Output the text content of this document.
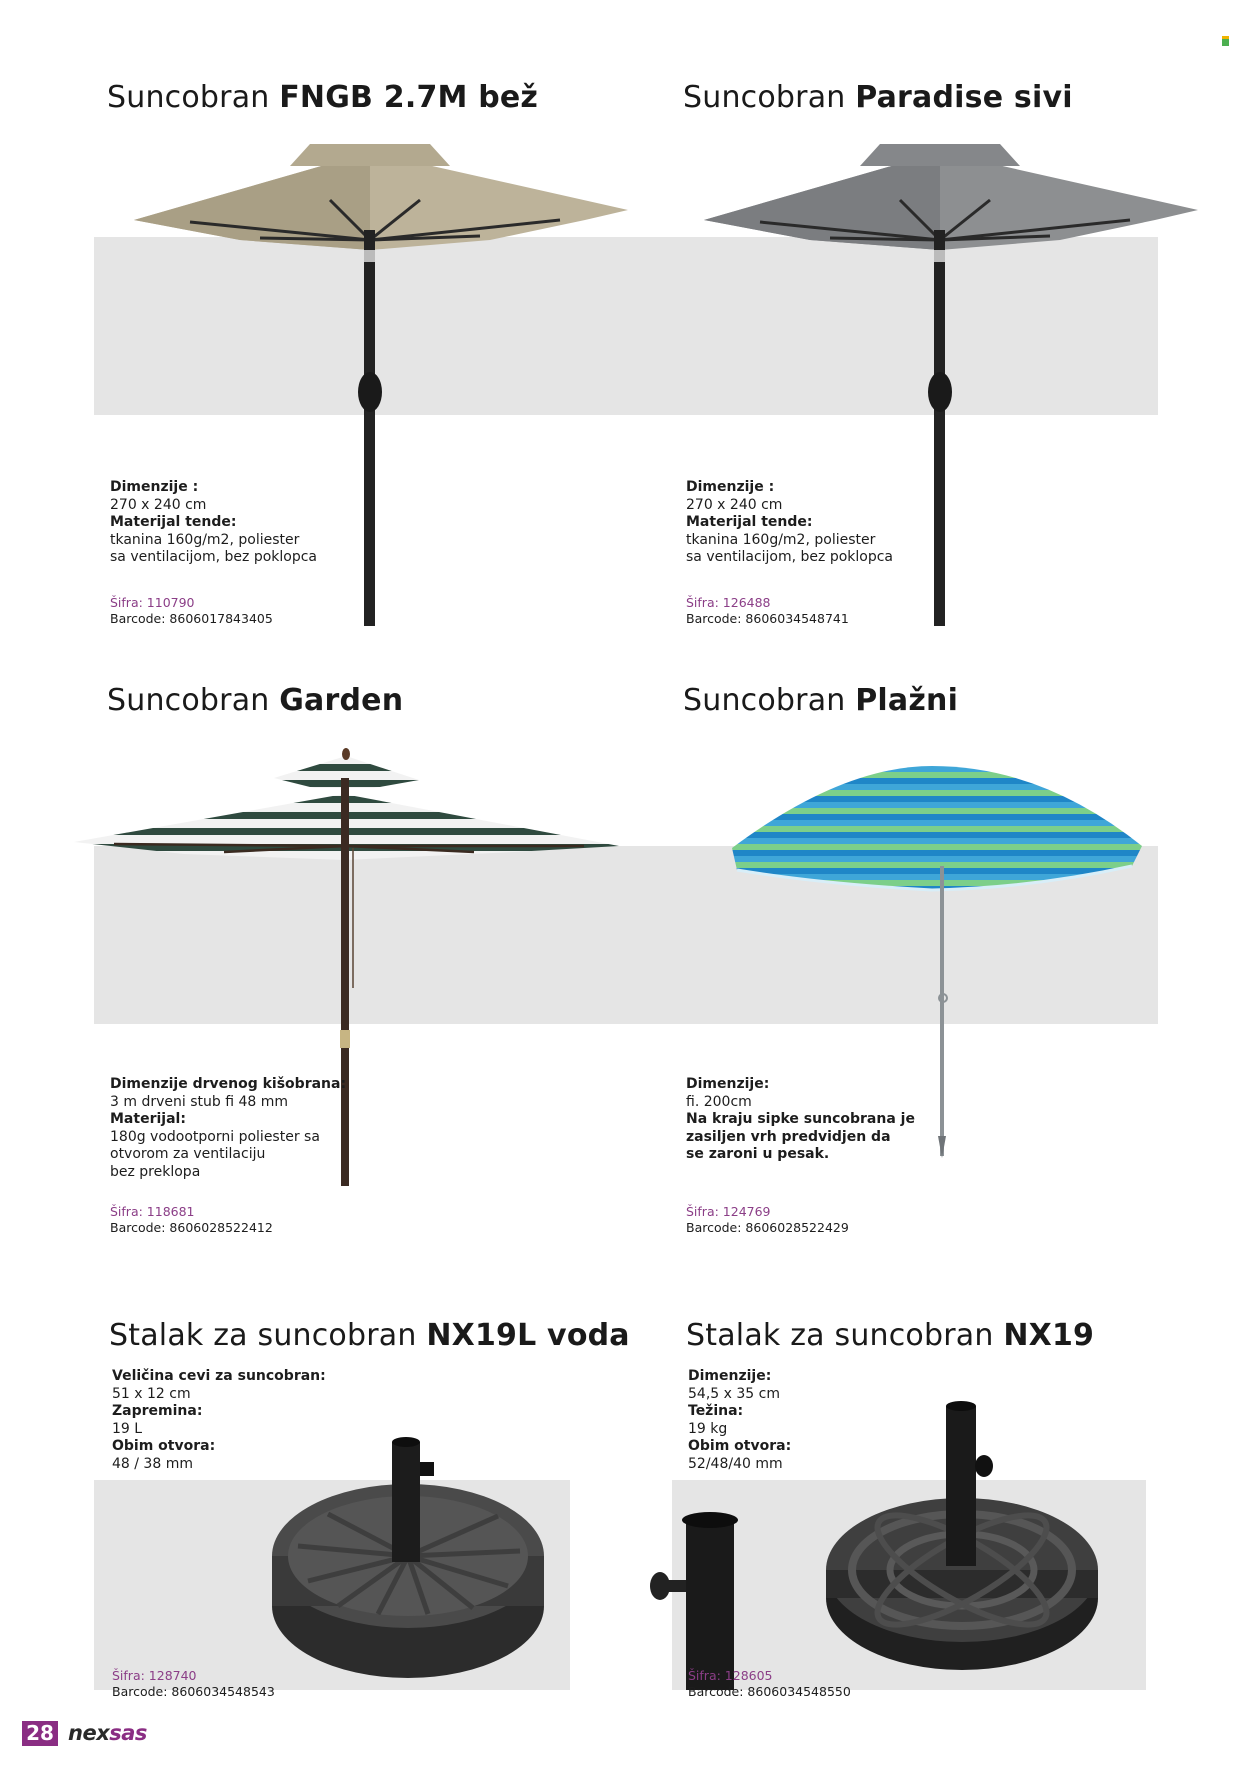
Suncobran FNGB 2.7M bež
Dimenzije :
270 x 240 cm
Materijal tende:
tkanina 160g/m2, poliester
sa ventilacijom, bez poklopca
Šifra: 110790
Barcode: 8606017843405
Suncobran Paradise sivi
Dimenzije :
270 x 240 cm
Materijal tende:
tkanina 160g/m2, poliester
sa ventilacijom, bez poklopca
Šifra: 126488
Barcode: 8606034548741
Suncobran Garden
Dimenzije drvenog kišobrana:
3 m drveni stub fi 48 mm
Materijal:
180g vodootporni poliester sa
otvorom za ventilaciju
bez preklopa
Šifra: 118681
Barcode: 8606028522412
Suncobran Plažni
Dimenzije:
fi. 200cm
Na kraju sipke suncobrana je
zasiljen vrh predvidjen da
se zaroni u pesak.
Šifra: 124769
Barcode: 8606028522429
Stalak za suncobran NX19L voda
Veličina cevi za suncobran:
51 x 12 cm
Zapremina:
19 L
Obim otvora:
48 / 38 mm
Šifra: 128740
Barcode: 8606034548543
Stalak za suncobran NX19
Dimenzije:
54,5 x 35 cm
Težina:
19 kg
Obim otvora:
52/48/40 mm
Šifra: 128605
Barcode: 8606034548550
28 nexsas
